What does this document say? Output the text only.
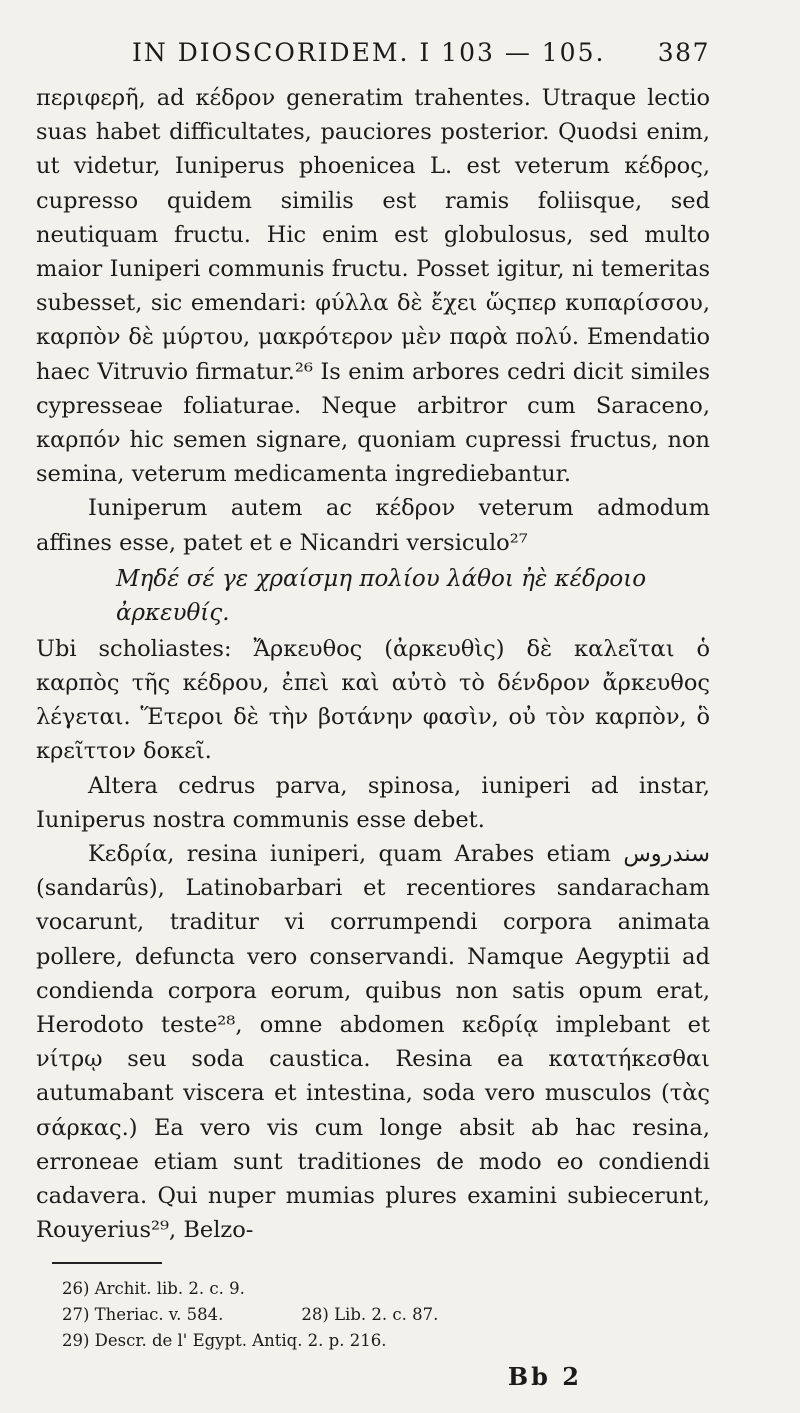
IN DIOSCORIDEM. I 103 — 105. 387

περιφερῆ, ad κέδρον generatim trahentes. Utraque lectio suas habet difficultates, pauciores posterior. Quodsi enim, ut videtur, Iuniperus phoenicea L. est veterum κέδρος, cupresso quidem similis est ramis foliisque, sed neutiquam fructu. Hic enim est globulosus, sed multo maior Iuniperi communis fructu. Posset igitur, ni temeritas subesset, sic emendari: φύλλα δὲ ἔχει ὥςπερ κυπαρίσσου, καρπὸν δὲ μύρτου, μακρότερον μὲν παρὰ πολύ. Emendatio haec Vitruvio firmatur.²⁶ Is enim arbores cedri dicit similes cypresseae foliaturae. Neque arbitror cum Saraceno, καρπόν hic semen signare, quoniam cupressi fructus, non semina, veterum medicamenta ingrediebantur.

Iuniperum autem ac κέδρον veterum admodum affines esse, patet et e Nicandri versiculo²⁷

Μηδέ σέ γε χραίσμη πολίου λάθοι ἠὲ κέδροιο
ἀρκευθίς.

Ubi scholiastes: Ἄρκευθος (ἀρκευθὶς) δὲ καλεῖται ὁ καρπὸς τῆς κέδρου, ἐπεὶ καὶ αὐτὸ τὸ δένδρον ἄρκευθος λέγεται. Ἕτεροι δὲ τὴν βοτάνην φασὶν, οὐ τὸν καρπὸν, ὃ κρεῖττον δοκεῖ.

Altera cedrus parva, spinosa, iuniperi ad instar, Iuniperus nostra communis esse debet.

Κεδρία, resina iuniperi, quam Arabes etiam سندروس (sandarûs), Latinobarbari et recentiores sandaracham vocarunt, traditur vi corrumpendi corpora animata pollere, defuncta vero conservandi. Namque Aegyptii ad condienda corpora eorum, quibus non satis opum erat, Herodoto teste²⁸, omne abdomen κεδρίᾳ implebant et νίτρῳ seu soda caustica. Resina ea κατατήκεσθαι autumabant viscera et intestina, soda vero musculos (τὰς σάρκας.) Ea vero vis cum longe absit ab hac resina, erroneae etiam sunt traditiones de modo eo condiendi cadavera. Qui nuper mumias plures examini subiecerunt, Rouyerius²⁹, Belzo-

26) Archit. lib. 2. c. 9.

27) Theriac. v. 584.	28) Lib. 2. c. 87.

29) Descr. de l' Egypt. Antiq. 2. p. 216.

Bb 2
